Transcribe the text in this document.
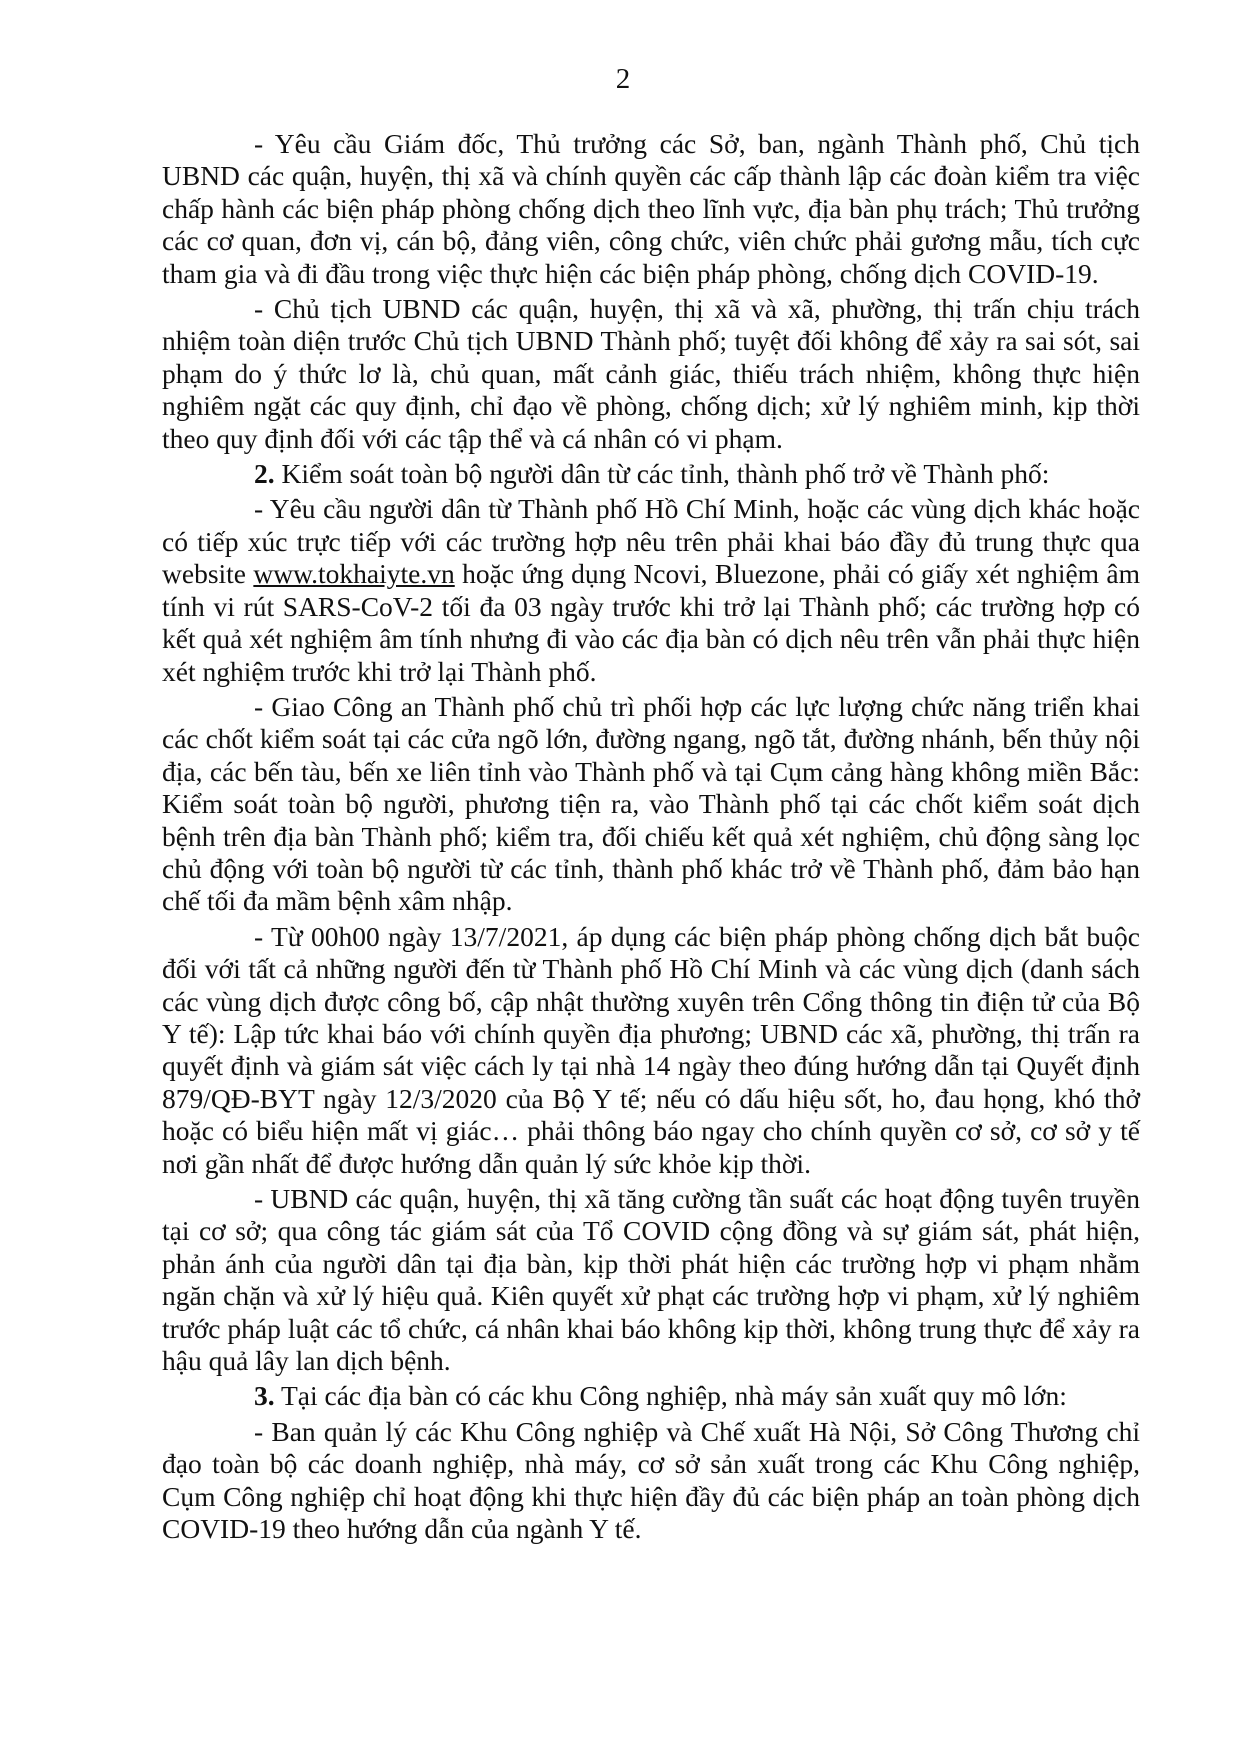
2

- Yêu cầu Giám đốc, Thủ trưởng các Sở, ban, ngành Thành phố, Chủ tịch UBND các quận, huyện, thị xã và chính quyền các cấp thành lập các đoàn kiểm tra việc chấp hành các biện pháp phòng chống dịch theo lĩnh vực, địa bàn phụ trách; Thủ trưởng các cơ quan, đơn vị, cán bộ, đảng viên, công chức, viên chức phải gương mẫu, tích cực tham gia và đi đầu trong việc thực hiện các biện pháp phòng, chống dịch COVID-19.

- Chủ tịch UBND các quận, huyện, thị xã và xã, phường, thị trấn chịu trách nhiệm toàn diện trước Chủ tịch UBND Thành phố; tuyệt đối không để xảy ra sai sót, sai phạm do ý thức lơ là, chủ quan, mất cảnh giác, thiếu trách nhiệm, không thực hiện nghiêm ngặt các quy định, chỉ đạo về phòng, chống dịch; xử lý nghiêm minh, kịp thời theo quy định đối với các tập thể và cá nhân có vi phạm.

2. Kiểm soát toàn bộ người dân từ các tỉnh, thành phố trở về Thành phố:

- Yêu cầu người dân từ Thành phố Hồ Chí Minh, hoặc các vùng dịch khác hoặc có tiếp xúc trực tiếp với các trường hợp nêu trên phải khai báo đầy đủ trung thực qua website www.tokhaiyte.vn hoặc ứng dụng Ncovi, Bluezone, phải có giấy xét nghiệm âm tính vi rút SARS-CoV-2 tối đa 03 ngày trước khi trở lại Thành phố; các trường hợp có kết quả xét nghiệm âm tính nhưng đi vào các địa bàn có dịch nêu trên vẫn phải thực hiện xét nghiệm trước khi trở lại Thành phố.

- Giao Công an Thành phố chủ trì phối hợp các lực lượng chức năng triển khai các chốt kiểm soát tại các cửa ngõ lớn, đường ngang, ngõ tắt, đường nhánh, bến thủy nội địa, các bến tàu, bến xe liên tỉnh vào Thành phố và tại Cụm cảng hàng không miền Bắc: Kiểm soát toàn bộ người, phương tiện ra, vào Thành phố tại các chốt kiểm soát dịch bệnh trên địa bàn Thành phố; kiểm tra, đối chiếu kết quả xét nghiệm, chủ động sàng lọc chủ động với toàn bộ người từ các tỉnh, thành phố khác trở về Thành phố, đảm bảo hạn chế tối đa mầm bệnh xâm nhập.

- Từ 00h00 ngày 13/7/2021, áp dụng các biện pháp phòng chống dịch bắt buộc đối với tất cả những người đến từ Thành phố Hồ Chí Minh và các vùng dịch (danh sách các vùng dịch được công bố, cập nhật thường xuyên trên Cổng thông tin điện tử của Bộ Y tế): Lập tức khai báo với chính quyền địa phương; UBND các xã, phường, thị trấn ra quyết định và giám sát việc cách ly tại nhà 14 ngày theo đúng hướng dẫn tại Quyết định 879/QĐ-BYT ngày 12/3/2020 của Bộ Y tế; nếu có dấu hiệu sốt, ho, đau họng, khó thở hoặc có biểu hiện mất vị giác… phải thông báo ngay cho chính quyền cơ sở, cơ sở y tế nơi gần nhất để được hướng dẫn quản lý sức khỏe kịp thời.

- UBND các quận, huyện, thị xã tăng cường tần suất các hoạt động tuyên truyền tại cơ sở; qua công tác giám sát của Tổ COVID cộng đồng và sự giám sát, phát hiện, phản ánh của người dân tại địa bàn, kịp thời phát hiện các trường hợp vi phạm nhằm ngăn chặn và xử lý hiệu quả. Kiên quyết xử phạt các trường hợp vi phạm, xử lý nghiêm trước pháp luật các tổ chức, cá nhân khai báo không kịp thời, không trung thực để xảy ra hậu quả lây lan dịch bệnh.

3. Tại các địa bàn có các khu Công nghiệp, nhà máy sản xuất quy mô lớn:

- Ban quản lý các Khu Công nghiệp và Chế xuất Hà Nội, Sở Công Thương chỉ đạo toàn bộ các doanh nghiệp, nhà máy, cơ sở sản xuất trong các Khu Công nghiệp, Cụm Công nghiệp chỉ hoạt động khi thực hiện đầy đủ các biện pháp an toàn phòng dịch COVID-19 theo hướng dẫn của ngành Y tế.
